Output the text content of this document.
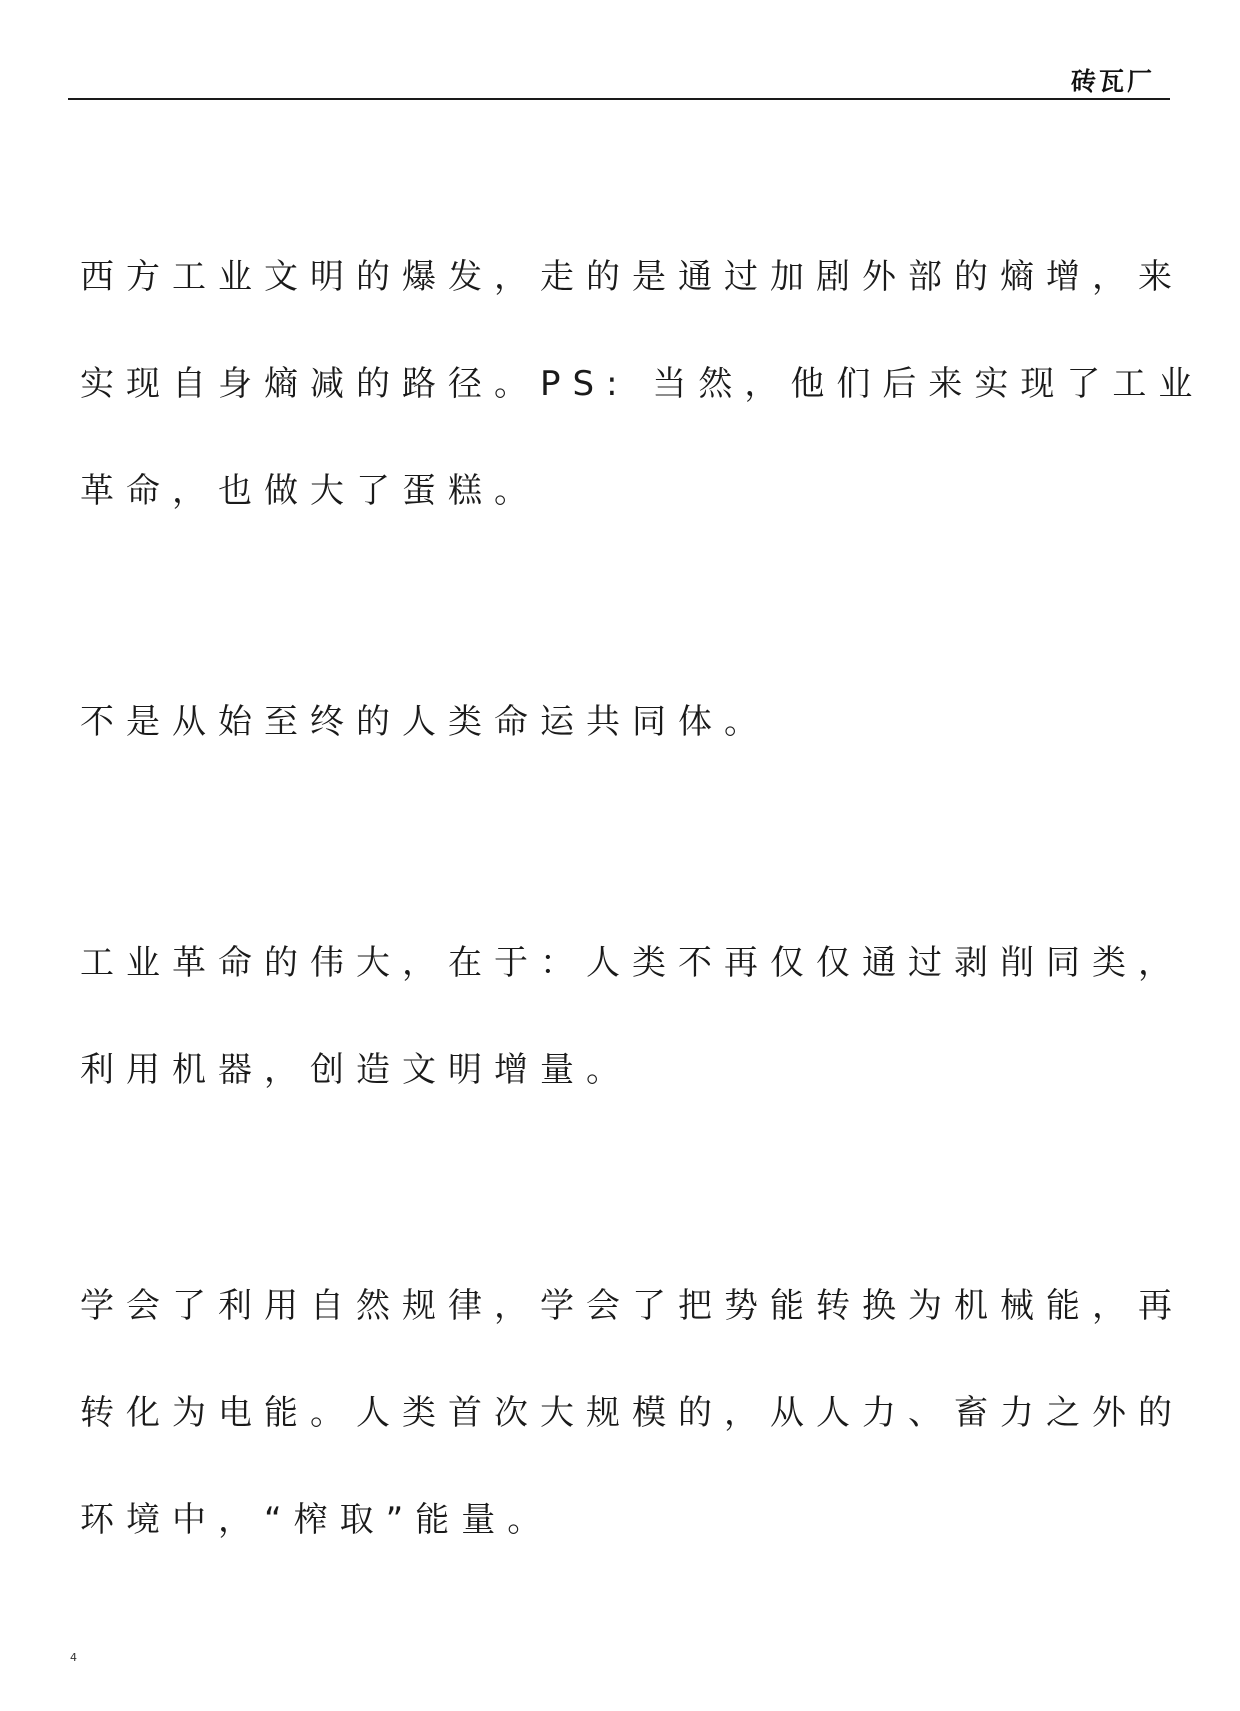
砖瓦厂
西方工业文明的爆发，走的是通过加剧外部的熵增，来
实现自身熵减的路径。PS: 当然，他们后来实现了工业
革命，也做大了蛋糕。
不是从始至终的人类命运共同体。
工业革命的伟大，在于：人类不再仅仅通过剥削同类，
利用机器，创造文明增量。
学会了利用自然规律，学会了把势能转换为机械能，再
转化为电能。人类首次大规模的，从人力、畜力之外的
环境中，“榨取”能量。
4
